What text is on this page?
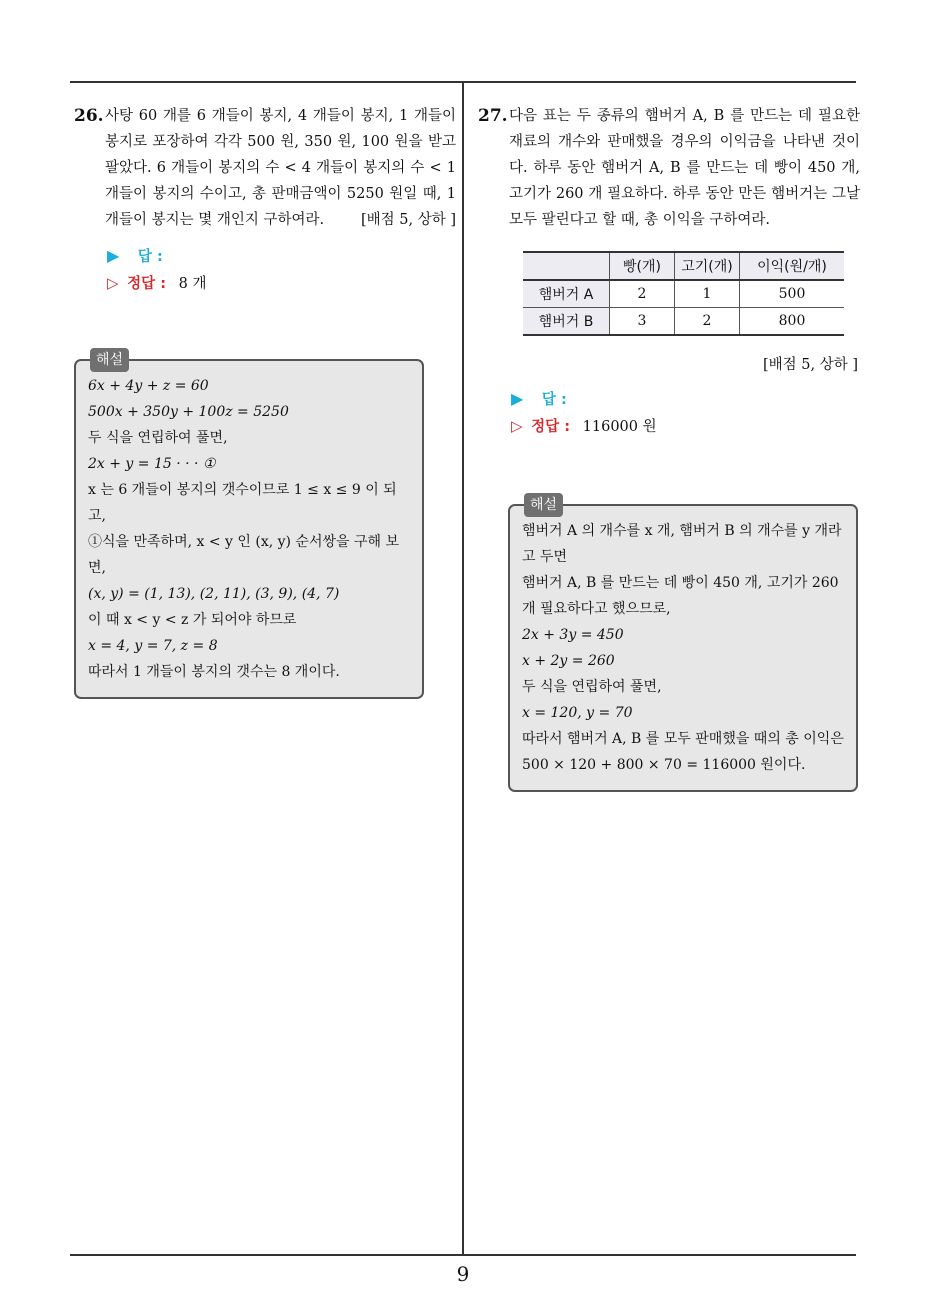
26. 사탕 60 개를 6 개들이 봉지, 4 개들이 봉지, 1 개들이 봉지로 포장하여 각각 500 원, 350 원, 100 원을 받고 팔았다. 6 개들이 봉지의 수 < 4 개들이 봉지의 수 < 1 개들이 봉지의 수이고, 총 판매금액이 5250 원일 때, 1 개들이 봉지는 몇 개인지 구하여라.	[배점 5, 상하 ]
▶ 답 :
▷ 정답 : 8 개
해설
6x + 4y + z = 60
500x + 350y + 100z = 5250
두 식을 연립하여 풀면,
2x + y = 15 · · · ①
x 는 6 개들이 봉지의 갯수이므로 1 ≤ x ≤ 9 이 되고,
①식을 만족하며, x < y 인 (x, y) 순서쌍을 구해 보면,
(x, y) = (1, 13), (2, 11), (3, 9), (4, 7)
이 때 x < y < z 가 되어야 하므로
x = 4, y = 7, z = 8
따라서 1 개들이 봉지의 갯수는 8 개이다.
27. 다음 표는 두 종류의 햄버거 A, B 를 만드는 데 필요한 재료의 개수와 판매했을 경우의 이익금을 나타낸 것이다. 하루 동안 햄버거 A, B 를 만드는 데 빵이 450 개, 고기가 260 개 필요하다. 하루 동안 만든 햄버거는 그날 모두 팔린다고 할 때, 총 이익을 구하여라.
	빵(개)	고기(개)	이익(원/개)
햄버거 A	2	1	500
햄버거 B	3	2	800
[배점 5, 상하 ]
▶ 답 :
▷ 정답 : 116000 원
해설
햄버거 A 의 개수를 x 개, 햄버거 B 의 개수를 y 개라고 두면
햄버거 A, B 를 만드는 데 빵이 450 개, 고기가 260 개 필요하다고 했으므로,
2x + 3y = 450
x + 2y = 260
두 식을 연립하여 풀면,
x = 120, y = 70
따라서 햄버거 A, B 를 모두 판매했을 때의 총 이익은
500 × 120 + 800 × 70 = 116000 원이다.
9
